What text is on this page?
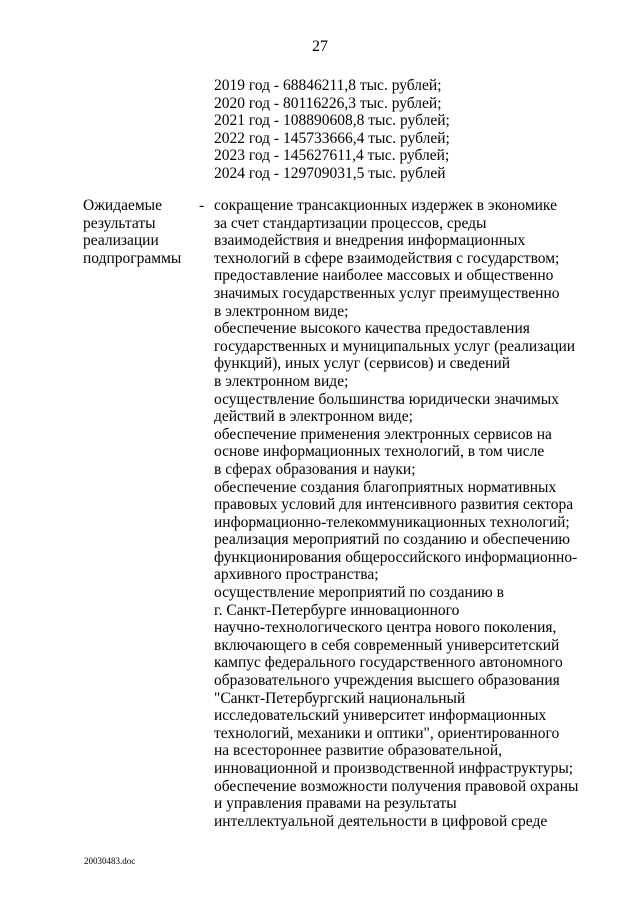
27
2019 год - 68846211,8 тыс. рублей;
2020 год - 80116226,3 тыс. рублей;
2021 год - 108890608,8 тыс. рублей;
2022 год - 145733666,4 тыс. рублей;
2023 год - 145627611,4 тыс. рублей;
2024 год - 129709031,5 тыс. рублей
Ожидаемые
результаты
реализации
подпрограммы
- сокращение трансакционных издержек в экономике
за счет стандартизации процессов, среды
взаимодействия и внедрения информационных
технологий в сфере взаимодействия с государством;
предоставление наиболее массовых и общественно
значимых государственных услуг преимущественно
в электронном виде;
обеспечение высокого качества предоставления
государственных и муниципальных услуг (реализации
функций), иных услуг (сервисов) и сведений
в электронном виде;
осуществление большинства юридически значимых
действий в электронном виде;
обеспечение применения электронных сервисов на
основе информационных технологий, в том числе
в сферах образования и науки;
обеспечение создания благоприятных нормативных
правовых условий для интенсивного развития сектора
информационно-телекоммуникационных технологий;
реализация мероприятий по созданию и обеспечению
функционирования общероссийского информационно-
архивного пространства;
осуществление мероприятий по созданию в
г. Санкт-Петербурге инновационного
научно-технологического центра нового поколения,
включающего в себя современный университетский
кампус федерального государственного автономного
образовательного учреждения высшего образования
"Санкт-Петербургский национальный
исследовательский университет информационных
технологий, механики и оптики", ориентированного
на всестороннее развитие образовательной,
инновационной и производственной инфраструктуры;
обеспечение возможности получения правовой охраны
и управления правами на результаты
интеллектуальной деятельности в цифровой среде
20030483.doc
